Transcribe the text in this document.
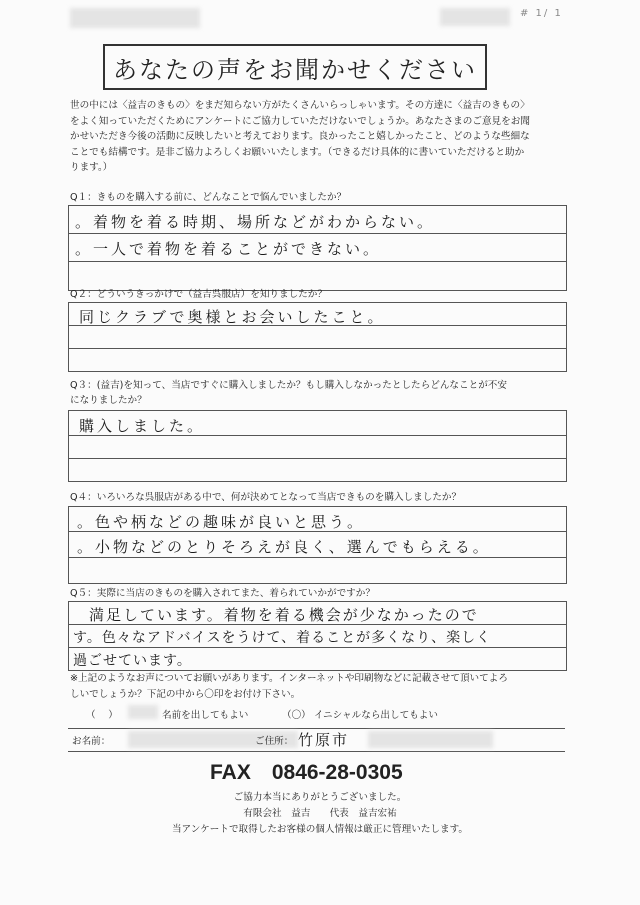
# 1/ 1
あなたの声をお聞かせください
世の中には〈益吉のきもの〉をまだ知らない方がたくさんいらっしゃいます。その方達に〈益吉のきもの〉
をよく知っていただくためにアンケートにご協力していただけないでしょうか。あなたさまのご意見をお聞
かせいただき今後の活動に反映したいと考えております。良かったこと嬉しかったこと、どのような些細な
ことでも結構です。是非ご協力よろしくお願いいたします。（できるだけ具体的に書いていただけると助か
ります。）
Q１：きものを購入する前に、どんなことで悩んでいましたか？
。着物を着る時期、場所などがわからない。
。一人で着物を着ることができない。
Q２：どういうきっかけで（益吉呉服店）を知りましたか？
同じクラブで奥様とお会いしたこと。
Q３：(益吉)を知って、当店ですぐに購入しましたか？もし購入しなかったとしたらどんなことが不安
になりましたか？
購入しました。
Q４：いろいろな呉服店がある中で、何が決めてとなって当店できものを購入しましたか？
。色や柄などの趣味が良いと思う。
。小物などのとりそろえが良く、選んでもらえる。
Q５：実際に当店のきものを購入されてまた、着られていかがですか？
満足しています。着物を着る機会が少なかったので
す。色々なアドバイスをうけて、着ることが多くなり、楽しく
過ごせています。
※上記のようなお声についてお願いがあります。インターネットや印刷物などに記載させて頂いてよろ
しいでしょうか？下記の中から〇印をお付け下さい。
（　 ）	名前を出してもよい	（〇） イニシャルなら出してもよい
お名前：	ご住所： 竹原市
FAX　0846-28-0305
ご協力本当にありがとうございました。
有限会社　益吉　　代表　益吉宏祐
当アンケートで取得したお客様の個人情報は厳正に管理いたします。
